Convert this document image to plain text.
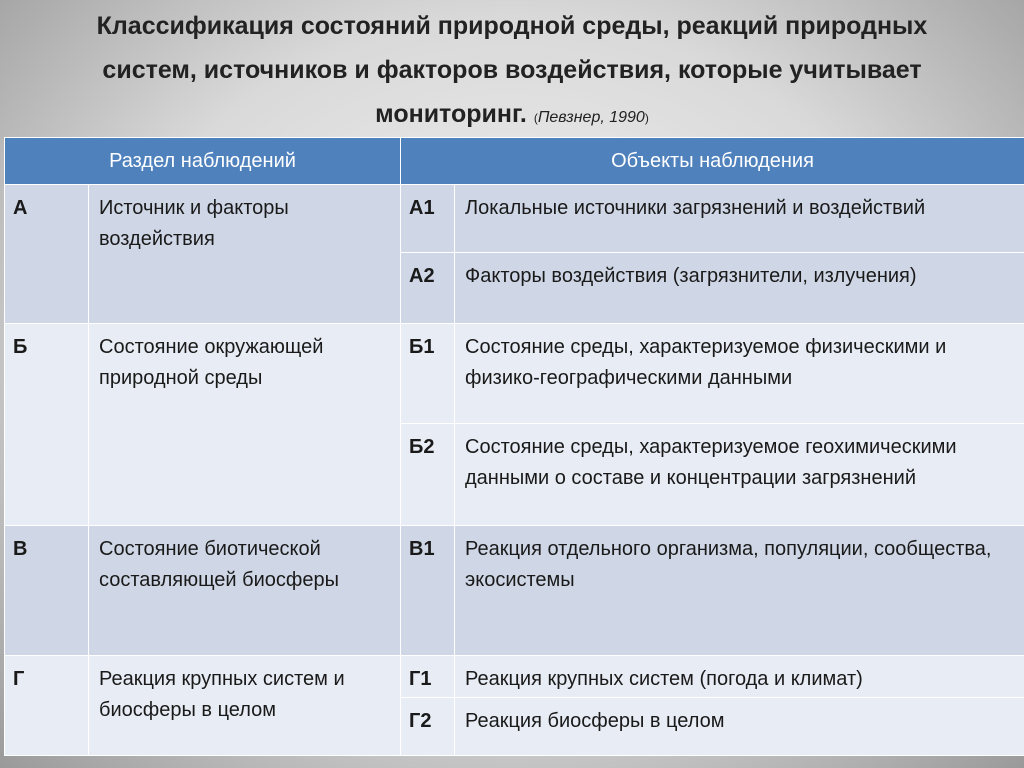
Классификация состояний природной среды, реакций природных
систем, источников и факторов воздействия, которые учитывает
мониторинг. (Певзнер, 1990)
Раздел наблюдений		Объекты наблюдения	
А	Источник и факторы воздействия	А1	Локальные источники загрязнений и воздействий
		А2	Факторы воздействия (загрязнители, излучения)
Б	Состояние окружающей природной среды	Б1	Состояние среды, характеризуемое физическими и физико-географическими данными
		Б2	Состояние среды, характеризуемое геохимическими данными о составе и концентрации загрязнений
В	Состояние биотической составляющей биосферы	В1	Реакция отдельного организма, популяции, сообщества, экосистемы
Г	Реакция крупных систем и биосферы в целом	Г1	Реакция крупных систем (погода и климат)
		Г2	Реакция биосферы в целом
